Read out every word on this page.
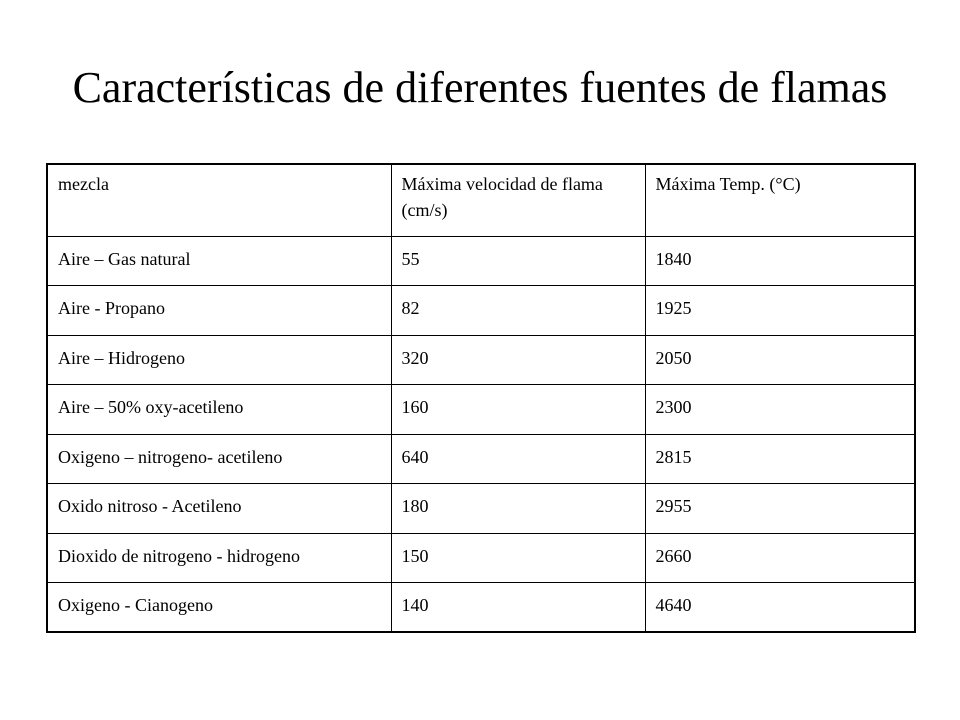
Características de diferentes fuentes de flamas
mezcla	Máxima velocidad de flama (cm/s)	Máxima Temp. (°C)
Aire – Gas natural	55	1840
Aire - Propano	82	1925
Aire – Hidrogeno	320	2050
Aire – 50% oxy-acetileno	160	2300
Oxigeno – nitrogeno- acetileno	640	2815
Oxido nitroso - Acetileno	180	2955
Dioxido de nitrogeno - hidrogeno	150	2660
Oxigeno - Cianogeno	140	4640
